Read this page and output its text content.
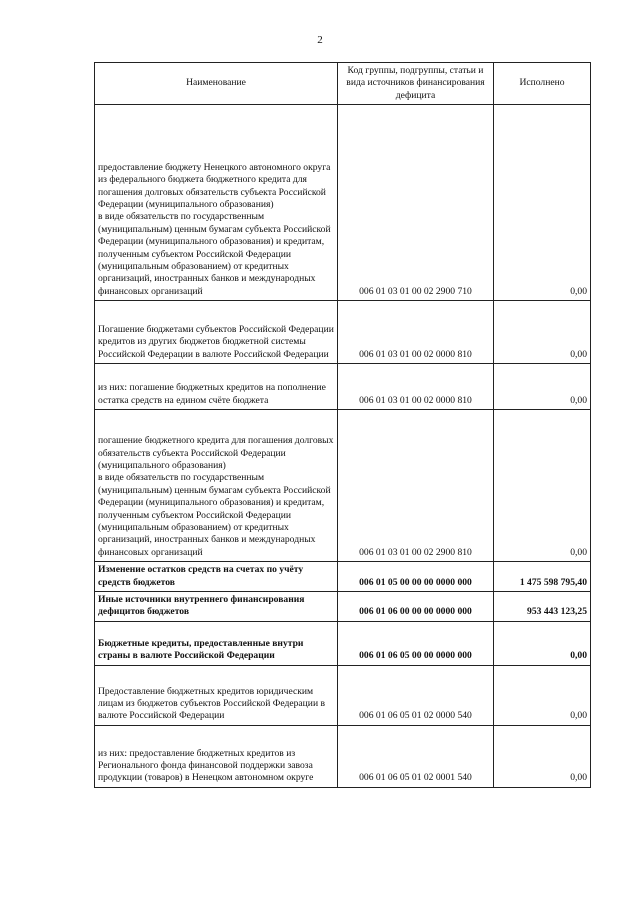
2
Наименование	Код группы, подгруппы, статьи и вида источников финансирования дефицита	Исполнено
предоставление бюджету Ненецкого автономного округа
из федерального бюджета бюджетного кредита для погашения долговых обязательств субъекта Российской Федерации (муниципального образования)
в виде обязательств по государственным (муниципальным) ценным бумагам субъекта Российской Федерации (муниципального образования) и кредитам, полученным субъектом Российской Федерации (муниципальным образованием) от кредитных организаций, иностранных банков и международных финансовых организаций	006 01 03 01 00 02 2900 710	0,00
Погашение бюджетами субъектов Российской Федерации кредитов из других бюджетов бюджетной системы Российской Федерации в валюте Российской Федерации	006 01 03 01 00 02 0000 810	0,00
из них: погашение бюджетных кредитов на пополнение остатка средств на едином счёте бюджета	006 01 03 01 00 02 0000 810	0,00
погашение бюджетного кредита для погашения долговых обязательств субъекта Российской Федерации (муниципального образования)
в виде обязательств по государственным (муниципальным) ценным бумагам субъекта Российской Федерации (муниципального образования) и кредитам, полученным субъектом Российской Федерации (муниципальным образованием) от кредитных организаций, иностранных банков и международных финансовых организаций	006 01 03 01 00 02 2900 810	0,00
Изменение остатков средств на счетах по учёту средств бюджетов	006 01 05 00 00 00 0000 000	1 475 598 795,40
Иные источники внутреннего финансирования дефицитов бюджетов	006 01 06 00 00 00 0000 000	953 443 123,25
Бюджетные кредиты, предоставленные внутри страны в валюте Российской Федерации	006 01 06 05 00 00 0000 000	0,00
Предоставление бюджетных кредитов юридическим лицам из бюджетов субъектов Российской Федерации в валюте Российской Федерации	006 01 06 05 01 02 0000 540	0,00
из них: предоставление бюджетных кредитов из Регионального фонда финансовой поддержки завоза продукции (товаров) в Ненецком автономном округе	006 01 06 05 01 02 0001 540	0,00
